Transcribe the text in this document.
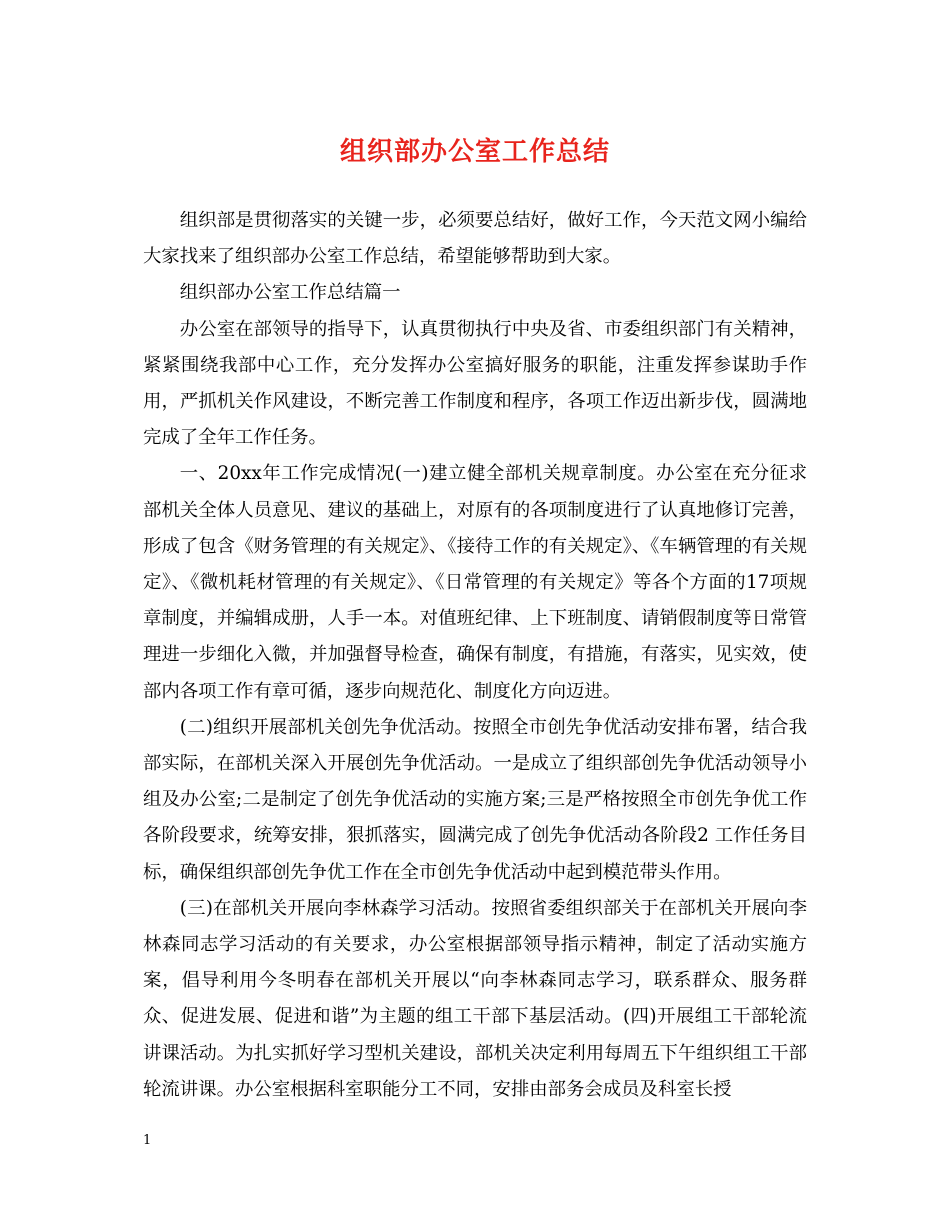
组织部办公室工作总结

组织部是贯彻落实的关键一步，必须要总结好，做好工作，今天范文网小编给大家找来了组织部办公室工作总结，希望能够帮助到大家。

组织部办公室工作总结篇一

办公室在部领导的指导下，认真贯彻执行中央及省、市委组织部门有关精神，紧紧围绕我部中心工作，充分发挥办公室搞好服务的职能，注重发挥参谋助手作用，严抓机关作风建设，不断完善工作制度和程序，各项工作迈出新步伐，圆满地完成了全年工作任务。

一、20xx年工作完成情况(一)建立健全部机关规章制度。办公室在充分征求部机关全体人员意见、建议的基础上，对原有的各项制度进行了认真地修订完善，形成了包含《财务管理的有关规定》、《接待工作的有关规定》、《车辆管理的有关规定》、《微机耗材管理的有关规定》、《日常管理的有关规定》等各个方面的17项规章制度，并编辑成册，人手一本。对值班纪律、上下班制度、请销假制度等日常管理进一步细化入微，并加强督导检查，确保有制度，有措施，有落实，见实效，使部内各项工作有章可循，逐步向规范化、制度化方向迈进。

(二)组织开展部机关创先争优活动。按照全市创先争优活动安排布署，结合我部实际，在部机关深入开展创先争优活动。一是成立了组织部创先争优活动领导小组及办公室;二是制定了创先争优活动的实施方案;三是严格按照全市创先争优工作各阶段要求，统筹安排，狠抓落实，圆满完成了创先争优活动各阶段2 工作任务目标，确保组织部创先争优工作在全市创先争优活动中起到模范带头作用。

(三)在部机关开展向李林森学习活动。按照省委组织部关于在部机关开展向李林森同志学习活动的有关要求，办公室根据部领导指示精神，制定了活动实施方案，倡导利用今冬明春在部机关开展以“向李林森同志学习，联系群众、服务群众、促进发展、促进和谐”为主题的组工干部下基层活动。(四)开展组工干部轮流讲课活动。为扎实抓好学习型机关建设，部机关决定利用每周五下午组织组工干部轮流讲课。办公室根据科室职能分工不同，安排由部务会成员及科室长授

1
